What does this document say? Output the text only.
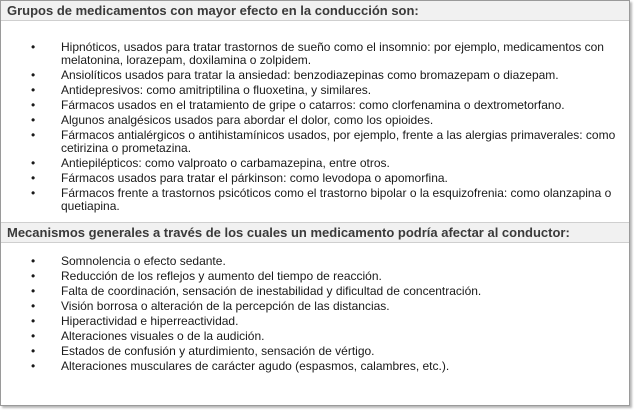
Grupos de medicamentos con mayor efecto en la conducción son:
• Hipnóticos, usados para tratar trastornos de sueño como el insomnio: por ejemplo, medicamentos con melatonina, lorazepam, doxilamina o zolpidem.
• Ansiolíticos usados para tratar la ansiedad: benzodiazepinas como bromazepam o diazepam.
• Antidepresivos: como amitriptilina o fluoxetina, y similares.
• Fármacos usados en el tratamiento de gripe o catarros: como clorfenamina o dextrometorfano.
• Algunos analgésicos usados para abordar el dolor, como los opioides.
• Fármacos antialérgicos o antihistamínicos usados, por ejemplo, frente a las alergias primaverales: como cetirizina o prometazina.
• Antiepilépticos: como valproato o carbamazepina, entre otros.
• Fármacos usados para tratar el párkinson: como levodopa o apomorfina.
• Fármacos frente a trastornos psicóticos como el trastorno bipolar o la esquizofrenia: como olanzapina o quetiapina.
Mecanismos generales a través de los cuales un medicamento podría afectar al conductor:
• Somnolencia o efecto sedante.
• Reducción de los reflejos y aumento del tiempo de reacción.
• Falta de coordinación, sensación de inestabilidad y dificultad de concentración.
• Visión borrosa o alteración de la percepción de las distancias.
• Hiperactividad e hiperreactividad.
• Alteraciones visuales o de la audición.
• Estados de confusión y aturdimiento, sensación de vértigo.
• Alteraciones musculares de carácter agudo (espasmos, calambres, etc.).
